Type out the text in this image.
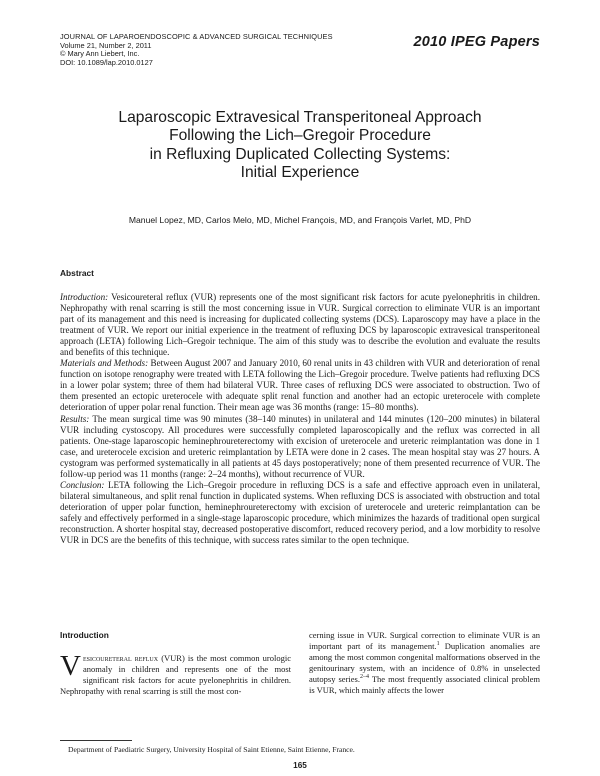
JOURNAL OF LAPAROENDOSCOPIC & ADVANCED SURGICAL TECHNIQUES
Volume 21, Number 2, 2011
© Mary Ann Liebert, Inc.
DOI: 10.1089/lap.2010.0127
2010 IPEG Papers
Laparoscopic Extravesical Transperitoneal Approach
Following the Lich–Gregoir Procedure
in Refluxing Duplicated Collecting Systems:
Initial Experience
Manuel Lopez, MD, Carlos Melo, MD, Michel François, MD, and François Varlet, MD, PhD
Abstract

Introduction: Vesicoureteral reflux (VUR) represents one of the most significant risk factors for acute pyelonephritis in children. Nephropathy with renal scarring is still the most concerning issue in VUR. Surgical correction to eliminate VUR is an important part of its management and this need is increasing for duplicated collecting systems (DCS). Laparoscopy may have a place in the treatment of VUR. We report our initial experience in the treatment of refluxing DCS by laparoscopic extravesical transperitoneal approach (LETA) following Lich–Gregoir technique. The aim of this study was to describe the evolution and evaluate the results and benefits of this technique.

Materials and Methods: Between August 2007 and January 2010, 60 renal units in 43 children with VUR and deterioration of renal function on isotope renography were treated with LETA following the Lich–Gregoir procedure. Twelve patients had refluxing DCS in a lower polar system; three of them had bilateral VUR. Three cases of refluxing DCS were associated to obstruction. Two of them presented an ectopic ureterocele with adequate split renal function and another had an ectopic ureterocele with complete deterioration of upper polar renal function. Their mean age was 36 months (range: 15–80 months).

Results: The mean surgical time was 90 minutes (38–140 minutes) in unilateral and 144 minutes (120–200 minutes) in bilateral VUR including cystoscopy. All procedures were successfully completed laparoscopically and the reflux was corrected in all patients. One-stage laparoscopic heminephroureterectomy with excision of ureterocele and ureteric reimplantation was done in 1 case, and ureterocele excision and ureteric reimplantation by LETA were done in 2 cases. The mean hospital stay was 27 hours. A cystogram was performed systematically in all patients at 45 days postoperatively; none of them presented recurrence of VUR. The follow-up period was 11 months (range: 2–24 months), without recurrence of VUR.

Conclusion: LETA following the Lich–Gregoir procedure in refluxing DCS is a safe and effective approach even in unilateral, bilateral simultaneous, and split renal function in duplicated systems. When refluxing DCS is associated with obstruction and total deterioration of upper polar function, heminephroureterectomy with excision of ureterocele and ureteric reimplantation can be safely and effectively performed in a single-stage laparoscopic procedure, which minimizes the hazards of traditional open surgical reconstruction. A shorter hospital stay, decreased postoperative discomfort, reduced recovery period, and a low morbidity to resolve VUR in DCS are the benefits of this technique, with success rates similar to the open technique.

Introduction

Vesicoureteral reflux (VUR) is the most common urologic anomaly in children and represents one of the most significant risk factors for acute pyelonephritis in children. Nephropathy with renal scarring is still the most con-

cerning issue in VUR. Surgical correction to eliminate VUR is an important part of its management.$^1$ Duplication anomalies are among the most common congenital malformations observed in the genitourinary system, with an incidence of 0.8% in unselected autopsy series.$^{2-4}$ The most frequently associated clinical problem is VUR, which mainly affects the lower

Department of Paediatric Surgery, University Hospital of Saint Etienne, Saint Etienne, France.
165
